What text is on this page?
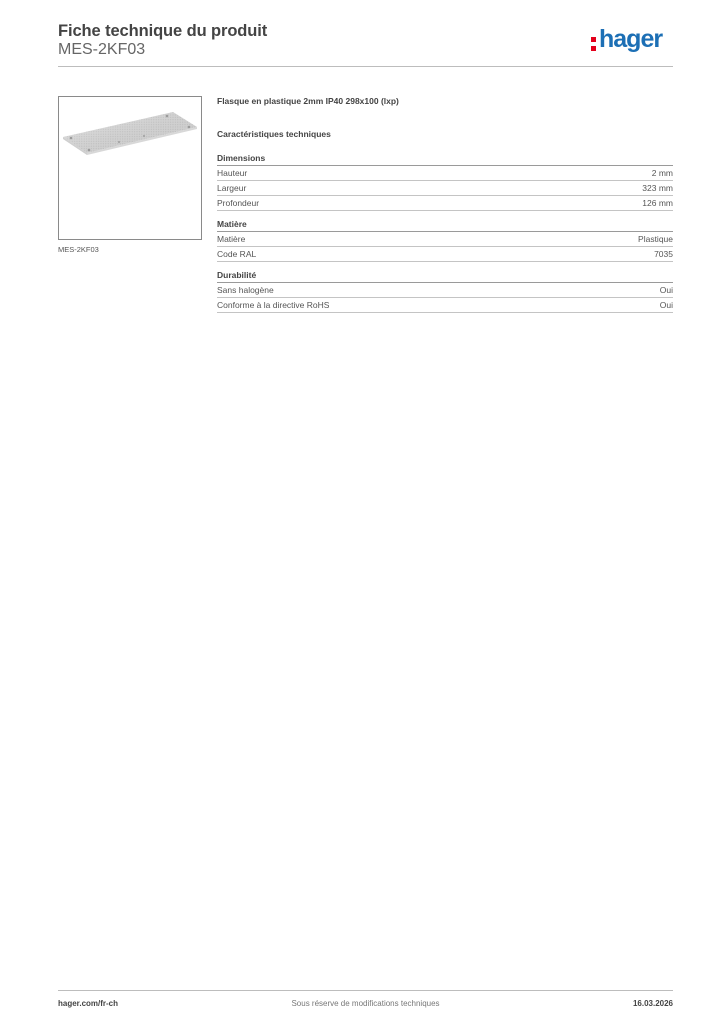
Fiche technique du produit
MES-2KF03	hager
MES-2KF03
Flasque en plastique 2mm IP40 298x100 (lxp)
Caractéristiques techniques
Dimensions
Hauteur	2 mm
Largeur	323 mm
Profondeur	126 mm
Matière
Matière	Plastique
Code RAL	7035
Durabilité
Sans halogène	Oui
Conforme à la directive RoHS	Oui
hager.com/fr-ch	Sous réserve de modifications techniques	16.03.2026
